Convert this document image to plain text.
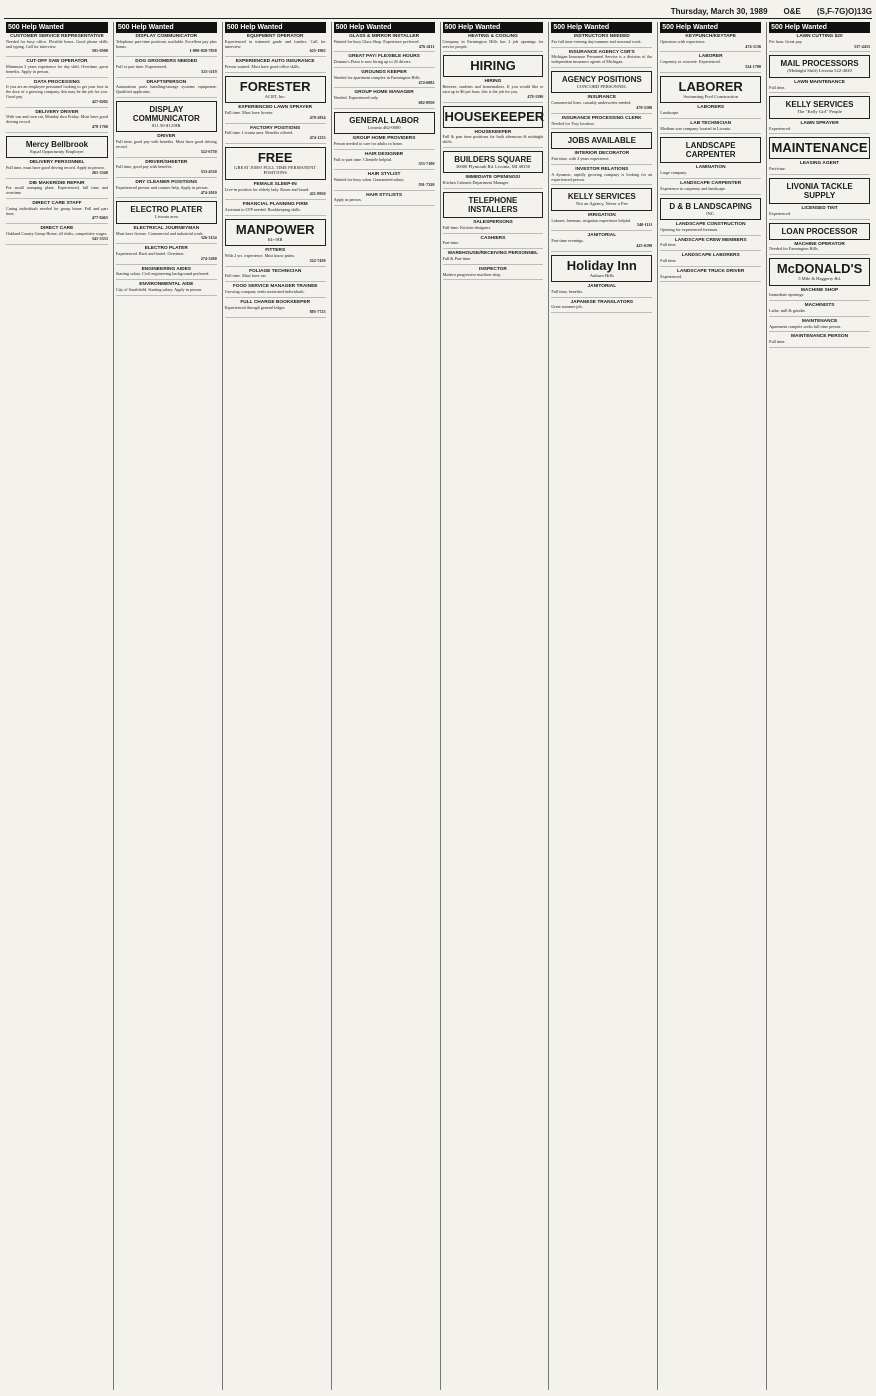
Thursday, March 30, 1989 O&E (S,F-7G)O)13G
500 Help Wanted
CUSTOMER SERVICE REPRESENTATIVE
Needed for busy office. Flexible hours. Good phone skills and typing. Call for interview.
591-0500
CUT-OFF SAW OPERATOR
Minimum 3 years experience for day shift. Overtime, great benefits. Apply in person.
DATA PROCESSING
If you are an employee personnel looking to get your foot in the door of a growing company, this may be the job for you. Good pay.
427-0202
DELIVERY DRIVER
With van and own car, Monday thru Friday. Must have good driving record.
478-1760
Mercy Bellbrook
Equal Opportunity Employer
DELIVERY PERSONNEL
Full time, must have good driving record. Apply in person.
261-3540
DIE MAKER/DIE REPAIR
For small stamping plant. Experienced, full time and overtime.
DIRECT CARE STAFF
Caring individuals needed for group home. Full and part time.
477-8465
DIRECT CARE
Oakland County Group Home, all shifts, competitive wages.
541-3333
500 Help Wanted
DISPLAY COMMUNICATOR
Telephone part-time positions available. Excellent pay plus bonus.
1-800-828-7838
DOG GROOMERS NEEDED
Full or part time. Experienced.
525-1119
DRAFTSPERSON
Automation parts handling/storage systems equipment. Qualified applicants.
DISPLAY COMMUNICATOR
$11.50-$12/HR
DRIVER
Full time, good pay with benefits. Must have good driving record.
522-6750
DRIVER/SHEETER
Full time, good pay with benefits.
533-4530
DRY CLEANER POSITIONS
Experienced presser and counter help. Apply in person.
474-2010
ELECTRO PLATER
Livonia area
ELECTRICAL JOURNEYMAN
Must have license. Commercial and industrial work.
326-3154
ELECTRO PLATER
Experienced. Rack and barrel. Overtime.
274-3200
ENGINEERING AIDES
Starting salary. Civil engineering background preferred.
ENVIRONMENTAL AIDE
City of Southfield. Starting salary. Apply in person.
500 Help Wanted
EQUIPMENT OPERATOR
Experienced in trimmed grade and loaders. Call for interview.
625-1902
EXPERIENCED AUTO INSURANCE
Person wanted. Must have good office skills.
FORESTER
ACRT, Inc.
EXPERIENCED LAWN SPRAYER
Full time. Must have license.
478-2834
FACTORY POSITIONS
Full time. Livonia area. Benefits offered.
474-1233
FREE
GREAT JOBS! FULL TIME PERMANENT POSITIONS
FEMALE SLEEP-IN
Live-in position for elderly lady. Room and board.
421-8950
FINANCIAL PLANNING FIRM
Assistant to CFP needed. Bookkeeping skills.
MANPOWER
$4+/HR
FITTERS
With 2 yrs. experience. Must know prints.
522-7430
FOLIAGE TECHNICIAN
Full time. Must have car.
FOOD SERVICE MANAGER TRAINEE
Growing company seeks motivated individuals.
FULL CHARGE BOOKKEEPER
Experienced through general ledger.
885-7723
500 Help Wanted
GLASS & MIRROR INSTALLER
Wanted for busy Glass Shop. Experience preferred.
476-4111
GREAT PAY! FLEXIBLE HOURS
Domino's Pizza is now hiring up to 20 drivers.
GROUNDS KEEPER
Needed for apartment complex in Farmington Hills.
474-6082
GROUP HOME MANAGER
Needed. Experienced only.
682-0950
GENERAL LABOR
Livonia 462-0000
GROUP HOME PROVIDERS
Person needed to care for adults in home.
HAIR DESIGNER
Full or part time. Clientele helpful.
553-7100
HAIR STYLIST
Wanted for busy salon. Guaranteed salary.
591-7320
HAIR STYLISTS
Apply in person.
500 Help Wanted
HEATING & COOLING
Company in Farmington Hills has 2 job openings for service people.
HIRING
HIRING
Retirees, students and homemakers. If you would like to earn up to $6 per hour, this is the job for you.
478-1590
HOUSEKEEPER
HOUSEKEEPER
Full & part time positions for both afternoon & midnight shifts.
BUILDERS SQUARE
30000 Plymouth Rd. Livonia, MI 48150
IMMEDIATE OPENINGS!
Kitchen Cabinets Department Manager.
TELEPHONE INSTALLERS
SALESPERSONS
Full-time. Kitchen designers.
CASHIERS
Part-time.
WAREHOUSE/RECEIVING PERSONNEL
Full & Part-time.
INSPECTOR
Modern progressive machine shop.
500 Help Wanted
INSTRUCTORS NEEDED
For full time evening day/summer and seasonal work.
INSURANCE AGENCY CSR'S
Michigan Insurance Personnel Service is a division of the independent insurance agents of Michigan.
AGENCY POSITIONS
CONCORD PERSONNEL
INSURANCE
Commercial lines, casualty underwriter needed.
478-5100
INSURANCE PROCESSING CLERK
Needed for Troy location.
JOBS AVAILABLE
INTERIOR DECORATOR
Part time, with 2 years experience.
INVESTOR RELATIONS
A dynamic, rapidly growing company is looking for an experienced person.
KELLY SERVICES
Not an Agency, Never a Fee
IRRIGATION
Laborer, foreman, irrigation experience helpful.
540-1111
JANITORIAL
Part-time evenings.
425-6190
Holiday Inn
Auburn Hills
JANITORIAL
Full time, benefits.
JAPANESE TRANSLATORS
Great summer job.
500 Help Wanted
KEYPUNCH/KEYTAPE
Operators with experience.
474-1136
LABORER
Carpentry or concrete. Experienced.
524-1700
LABORER
Swimming Pool Construction
LABORERS
Landscape.
LAB TECHNICIAN
Medium size company located in Livonia.
LANDSCAPE CARPENTER
LAMINATION
Large company.
LANDSCAPE CARPENTER
Experience in carpentry and landscape.
D & B LANDSCAPING
INC.
LANDSCAPE CONSTRUCTION
Opening for experienced foreman.
LANDSCAPE CREW MEMBERS
Full time.
LANDSCAPE LABORERS
Full time.
LANDSCAPE TRUCK DRIVER
Experienced.
500 Help Wanted
LAWN CUTTING $20
Per hour. Great pay.
537-4433
MAIL PROCESSORS
(Midnight Shift) Livonia 522-4020
LAWN MAINTENANCE
Full time.
KELLY SERVICES
The "Kelly Girl" People
LAWN SPRAYER
Experienced.
MAINTENANCE
LEASING AGENT
Part-time.
LIVONIA TACKLE SUPPLY
LICENSED TINT
Experienced.
LOAN PROCESSOR
MACHINE OPERATOR
Needed for Farmington Hills.
McDONALD'S
5 Mile & Haggerty Rd.
MACHINE SHOP
Immediate openings.
MACHINISTS
Lathe, mill & grinder.
MAINTENANCE
Apartment complex seeks full time person.
MAINTENANCE PERSON
Full time.
